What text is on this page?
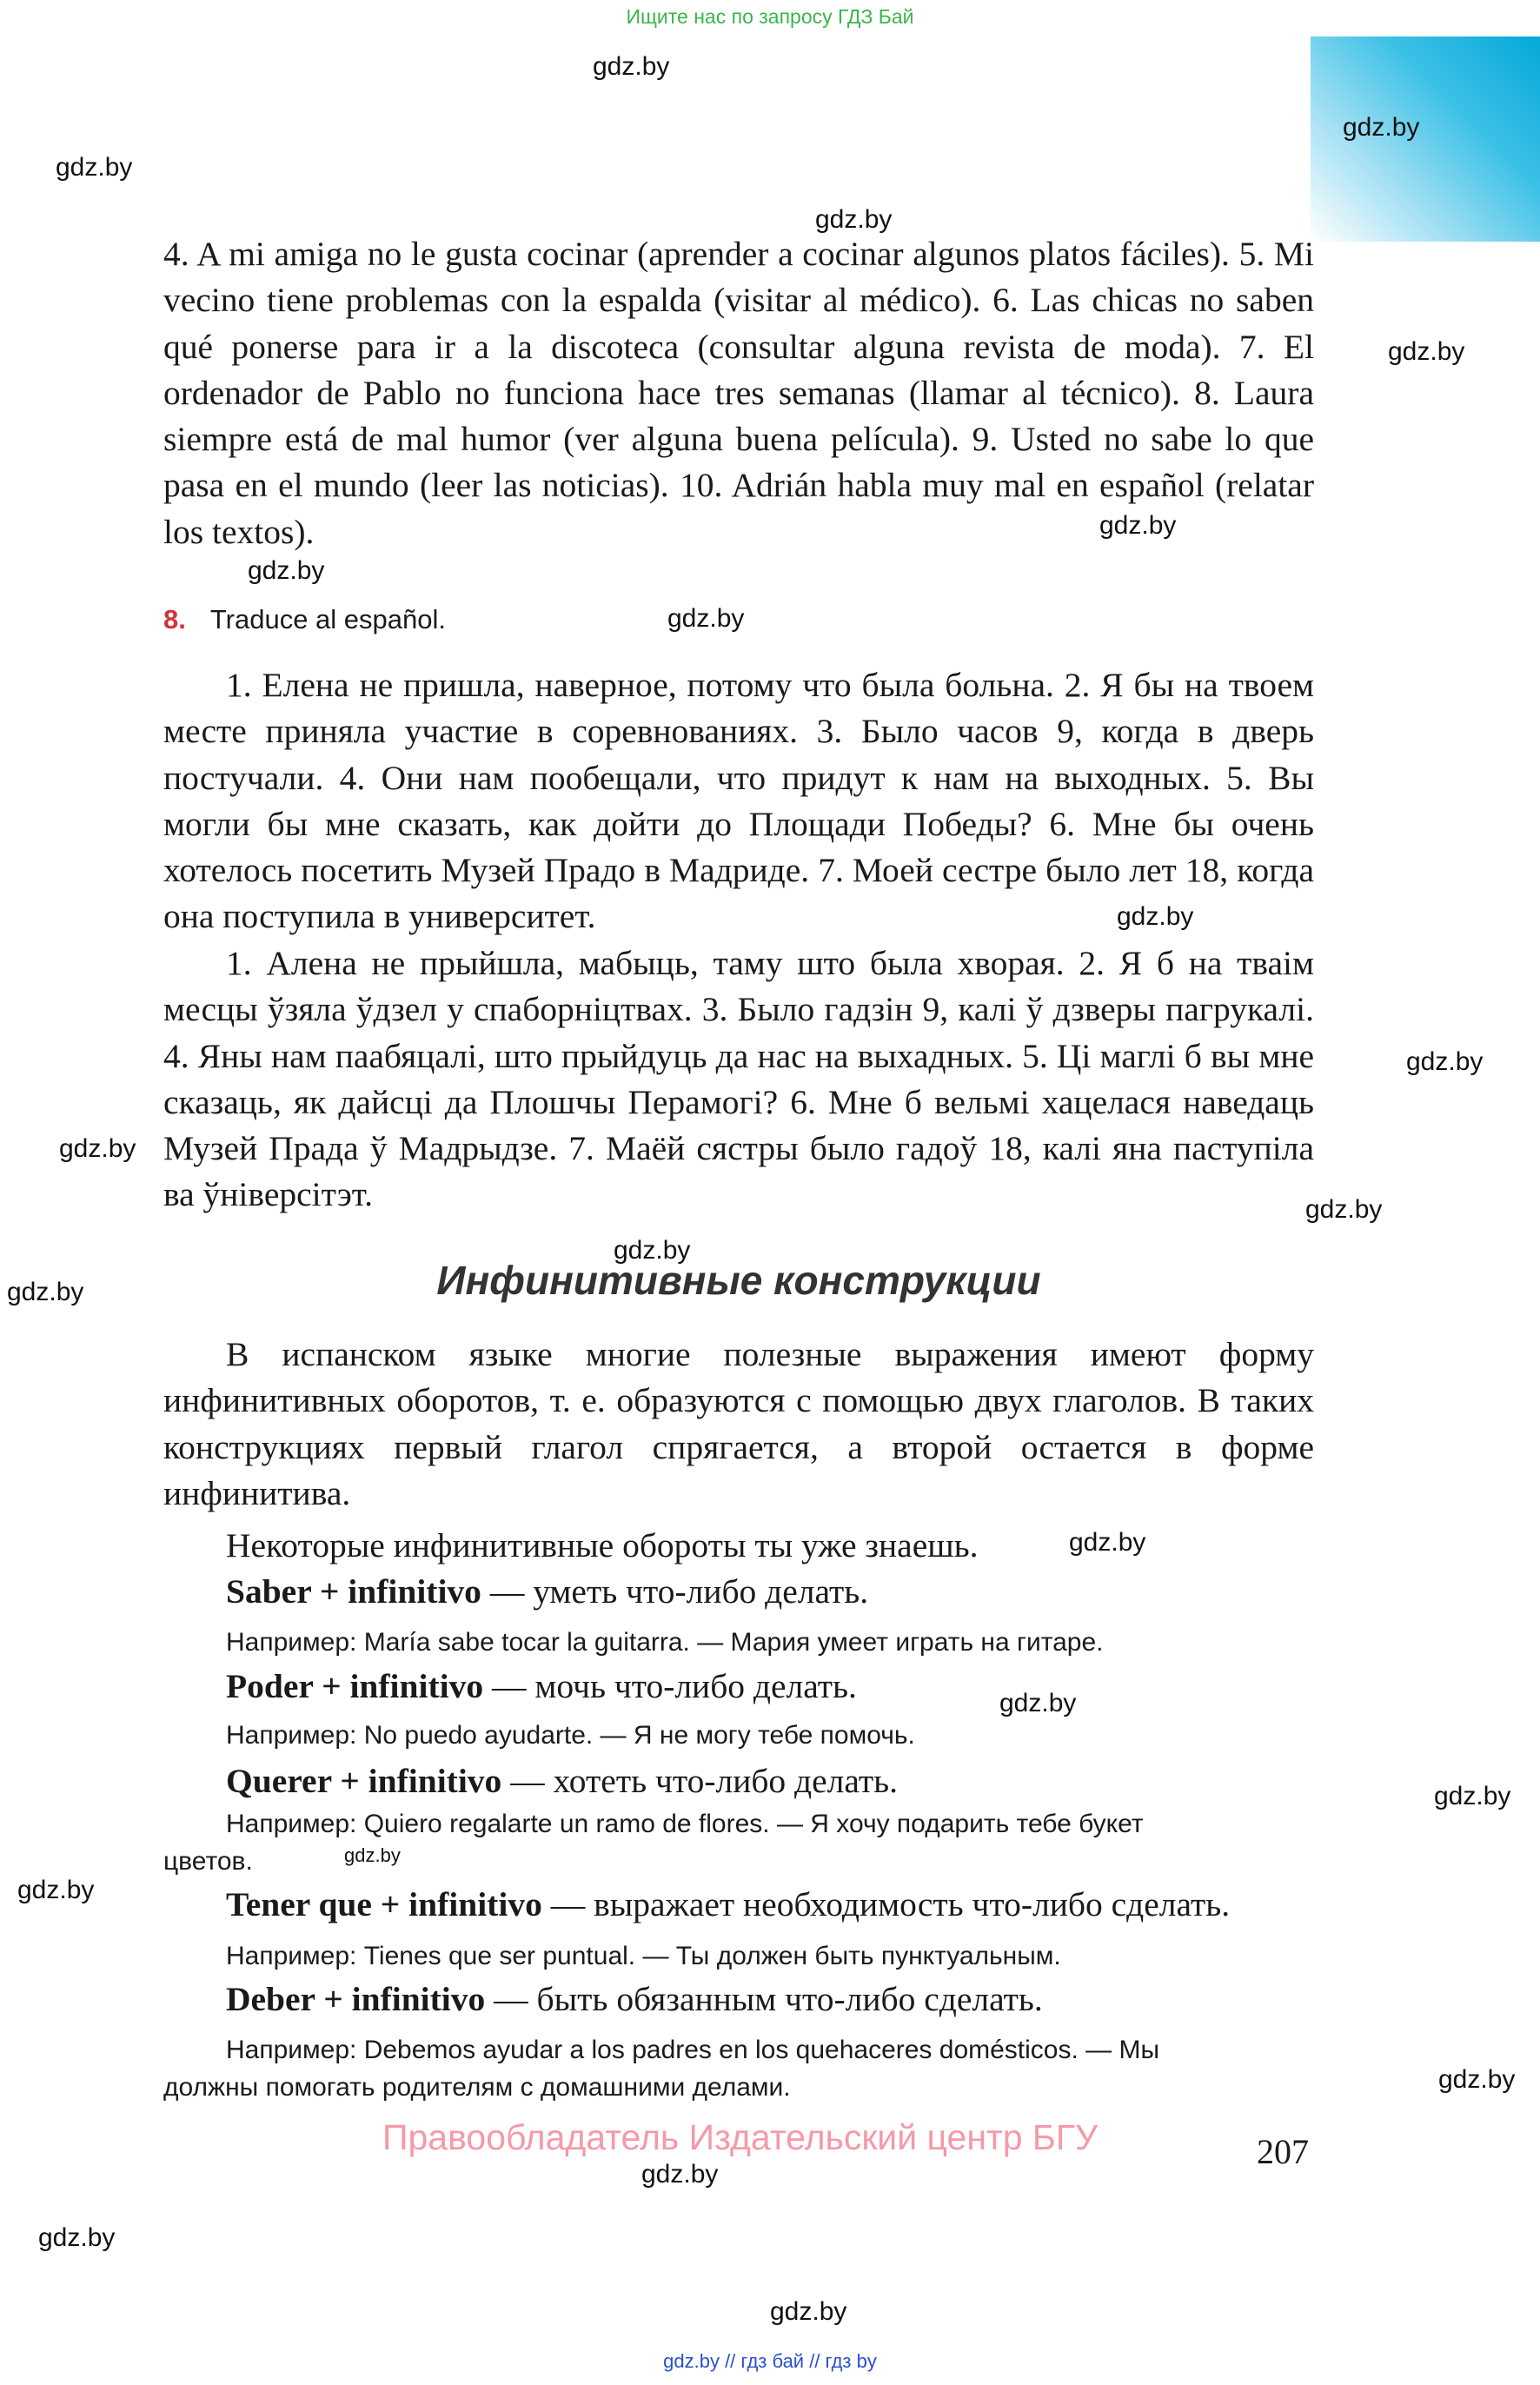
Ищите нас по запросу ГДЗ Бай
gdz.by
gdz.by
gdz.by
gdz.by
gdz.by
gdz.by
gdz.by
gdz.by
gdz.by
gdz.by
gdz.by
gdz.by
gdz.by
gdz.by
gdz.by
gdz.by
gdz.by
gdz.by
gdz.by
gdz.by
gdz.by
gdz.by
gdz.by

4. A mi amiga no le gusta cocinar (aprender a cocinar algunos platos fáciles). 5. Mi vecino tiene problemas con la espalda (visitar al médico). 6. Las chicas no saben qué ponerse para ir a la discoteca (consultar alguna revista de moda). 7. El ordenador de Pablo no funciona hace tres semanas (llamar al técnico). 8. Laura siempre está de mal humor (ver alguna buena película). 9. Usted no sabe lo que pasa en el mundo (leer las noticias). 10. Adrián habla muy mal en español (relatar los textos).

8. Traduce al español.

1. Елена не пришла, наверное, потому что была больна. 2. Я бы на твоем месте приняла участие в соревнованиях. 3. Было часов 9, когда в дверь постучали. 4. Они нам пообещали, что придут к нам на выходных. 5. Вы могли бы мне сказать, как дойти до Площади Победы? 6. Мне бы очень хотелось посетить Музей Прадо в Мадриде. 7. Моей сестре было лет 18, когда она поступила в университет.

1. Алена не прыйшла, мабыць, таму што была хворая. 2. Я б на тваім месцы ўзяла ўдзел у спаборніцтвах. 3. Было гадзін 9, калі ў дзверы пагрукалі. 4. Яны нам паабяцалі, што прыйдуць да нас на выхадных. 5. Ці маглі б вы мне сказаць, як дайсці да Плошчы Перамогі? 6. Мне б вельмі хацелася наведаць Музей Прада ў Мадрыдзе. 7. Маёй сястры было гадоў 18, калі яна паступіла ва ўніверсітэт.

Инфинитивные конструкции

В испанском языке многие полезные выражения имеют форму инфинитивных оборотов, т. е. образуются с помощью двух глаголов. В таких конструкциях первый глагол спрягается, а второй остается в форме инфинитива.

Некоторые инфинитивные обороты ты уже знаешь.

Saber + infinitivo — уметь что-либо делать.

Например: María sabe tocar la guitarra. — Мария умеет играть на гитаре.

Poder + infinitivo — мочь что-либо делать.

Например: No puedo ayudarte. — Я не могу тебе помочь.

Querer + infinitivo — хотеть что-либо делать.

Например: Quiero regalarte un ramo de flores. — Я хочу подарить тебе букет

цветов.

Tener que + infinitivo — выражает необходимость что-либо сделать.

Например: Tienes que ser puntual. — Ты должен быть пунктуальным.

Deber + infinitivo — быть обязанным что-либо сделать.

Например: Debemos ayudar a los padres en los quehaceres domésticos. — Мы

должны помогать родителям с домашними делами.

Правообладатель Издательский центр БГУ	207
gdz.by // гдз бай // гдз by
